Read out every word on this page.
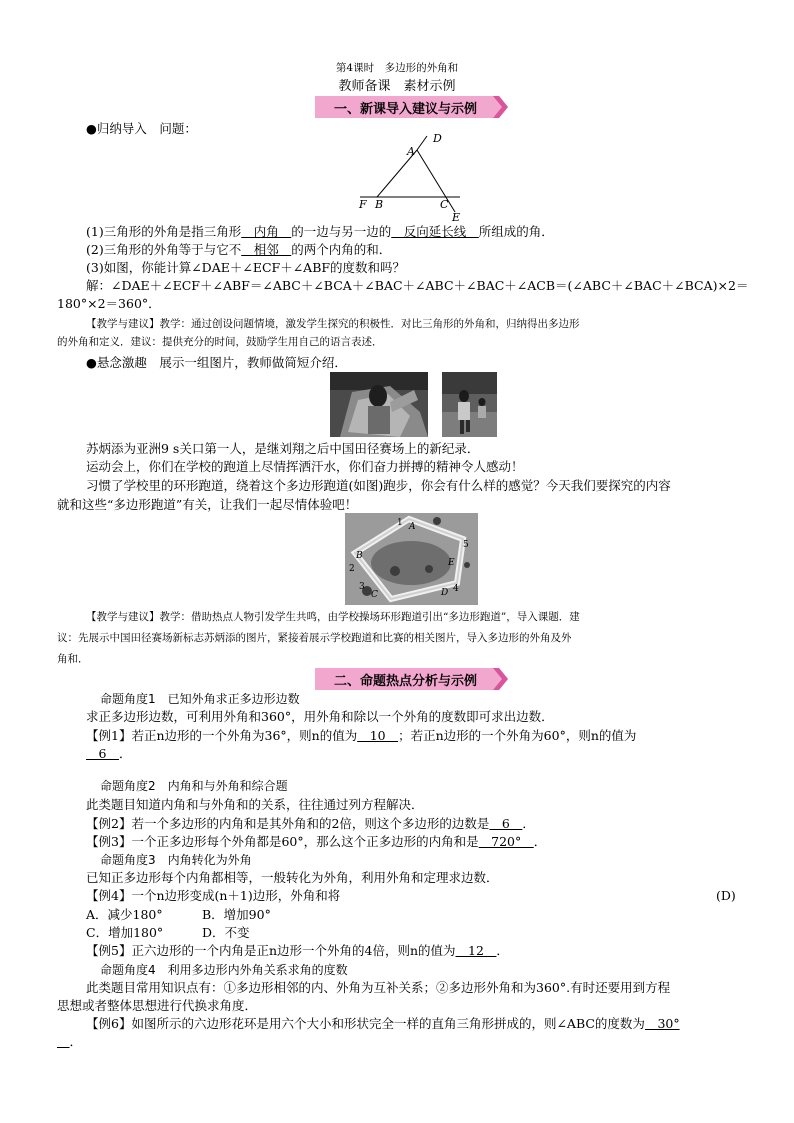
第4课时　多边形的外角和
教师备课　素材示例
一、新课导入建议与示例
●归纳导入　问题：
A
D
F B	C
E
(1)三角形的外角是指三角形　内角　的一边与另一边的　反向延长线　所组成的角．
(2)三角形的外角等于与它不　相邻　的两个内角的和．
(3)如图，你能计算∠DAE＋∠ECF＋∠ABF的度数和吗？
解：∠DAE＋∠ECF＋∠ABF＝∠ABC＋∠BCA＋∠BAC＋∠ABC＋∠BAC＋∠ACB＝(∠ABC＋∠BAC＋∠BCA)×2＝
180°×2＝360°．
【教学与建议】教学：通过创设问题情境，激发学生探究的积极性．对比三角形的外角和，归纳得出多边形
的外角和定义．建议：提供充分的时间，鼓励学生用自己的语言表述．
●悬念激趣　展示一组图片，教师做简短介绍．
苏炳添为亚洲9 s关口第一人，是继刘翔之后中国田径赛场上的新纪录．
运动会上，你们在学校的跑道上尽情挥洒汗水，你们奋力拼搏的精神令人感动！
习惯了学校里的环形跑道，绕着这个多边形跑道(如图)跑步，你会有什么样的感觉？今天我们要探究的内容
就和这些“多边形跑道”有关，让我们一起尽情体验吧！
1 A
5
B
2
E
3
C	D 4
【教学与建议】教学：借助热点人物引发学生共鸣，由学校操场环形跑道引出“多边形跑道”，导入课题．建
议：先展示中国田径赛场新标志苏炳添的图片，紧接着展示学校跑道和比赛的相关图片，导入多边形的外角及外
角和．
二、命题热点分析与示例
命题角度1　已知外角求正多边形边数
求正多边形边数，可利用外角和360°，用外角和除以一个外角的度数即可求出边数．
【例1】若正n边形的一个外角为36°，则n的值为　10　；若正n边形的一个外角为60°，则n的值为
　6　．
命题角度2　内角和与外角和综合题
此类题目知道内角和与外角和的关系，往往通过列方程解决．
【例2】若一个多边形的内角和是其外角和的2倍，则这个多边形的边数是　6　．
【例3】一个正多边形每个外角都是60°，那么这个正多边形的内角和是　720°　．
命题角度3　内角转化为外角
已知正多边形每个内角都相等，一般转化为外角，利用外角和定理求边数．
【例4】一个n边形变成(n＋1)边形，外角和将	(D)
A．减少180°	B．增加90°
C．增加180°	D．不变
【例5】正六边形的一个内角是正n边形一个外角的4倍，则n的值为　12　．
命题角度4　利用多边形内外角关系求角的度数
此类题目常用知识点有：①多边形相邻的内、外角为互补关系；②多边形外角和为360°.有时还要用到方程
思想或者整体思想进行代换求角度．
【例6】如图所示的六边形花环是用六个大小和形状完全一样的直角三角形拼成的，则∠ABC的度数为　30°
　．
